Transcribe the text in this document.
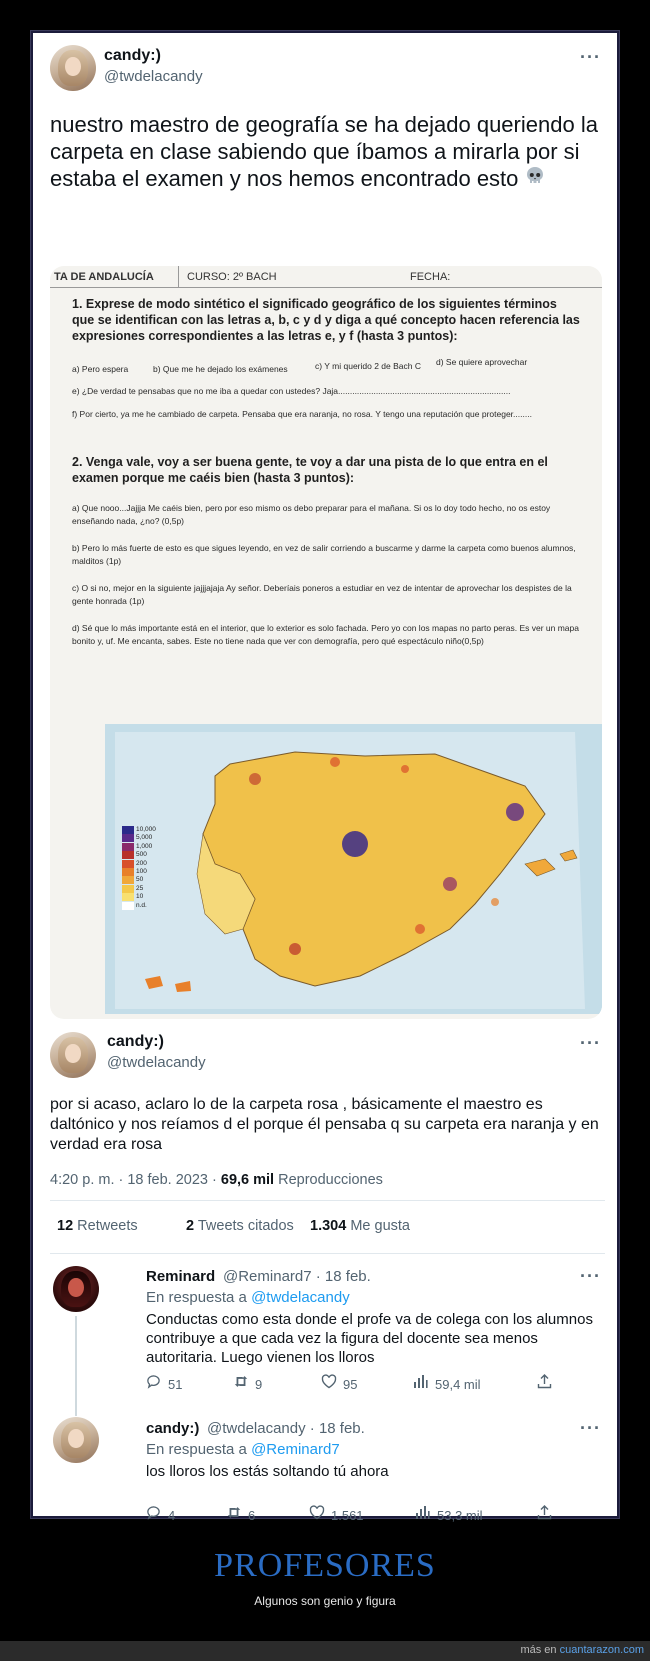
candy:)
@twdelacandy
···
nuestro maestro de geografía se ha dejado queriendo la carpeta en clase sabiendo que íbamos a mirarla por si estaba el examen y nos hemos encontrado esto
TA DE ANDALUCÍA	CURSO: 2º BACH	FECHA:
1. Exprese de modo sintético el significado geográfico de los siguientes términos que se identifican con las letras a, b, c y d y diga a qué concepto hacen referencia las expresiones correspondientes a las letras e, y f (hasta 3 puntos):
a) Pero espera	b) Que me he dejado los exámenes	c) Y mi querido 2 de Bach C	d) Se quiere aprovechar
e) ¿De verdad te pensabas que no me iba a quedar con ustedes? Jaja.........................................................................
f) Por cierto, ya me he cambiado de carpeta. Pensaba que era naranja, no rosa. Y tengo una reputación que proteger........
2. Venga vale, voy a ser buena gente, te voy a dar una pista de lo que entra en el examen porque me caéis bien (hasta 3 puntos):
a) Que nooo...Jajjja Me caéis bien, pero por eso mismo os debo preparar para el mañana. Si os lo doy todo hecho, no os estoy enseñando nada, ¿no? (0,5p)
b) Pero lo más fuerte de esto es que sigues leyendo, en vez de salir corriendo a buscarme y darme la carpeta como buenos alumnos, malditos (1p)
c) O si no, mejor en la siguiente jajjjajaja Ay señor. Deberíais poneros a estudiar en vez de intentar de aprovechar los despistes de la gente honrada (1p)
d) Sé que lo más importante está en el interior, que lo exterior es solo fachada. Pero yo con los mapas no parto peras. Es ver un mapa bonito y, uf. Me encanta, sabes. Este no tiene nada que ver con demografía, pero qué espectáculo niño(0,5p)
10,000
5,000
1,000
500
200
100
50
25
10
n.d.
candy:)
@twdelacandy
···
por si acaso, aclaro lo de la carpeta rosa , básicamente el maestro es daltónico y nos reíamos d el porque él pensaba q su carpeta era naranja y en verdad era rosa
4:20 p. m. · 18 feb. 2023 · 69,6 mil Reproducciones
12 Retweets	2 Tweets citados 1.304 Me gusta
Reminard @Reminard7 · 18 feb.	···
En respuesta a @twdelacandy
Conductas como esta donde el profe va de colega con los alumnos contribuye a que cada vez la figura del docente sea menos autoritaria. Luego vienen los lloros
51	9	95	59,4 mil
candy:) @twdelacandy · 18 feb.	···
En respuesta a @Reminard7
los lloros los estás soltando tú ahora
4	6	1.561	53,3 mil
PROFESORES
Algunos son genio y figura
más en cuantarazon.com
